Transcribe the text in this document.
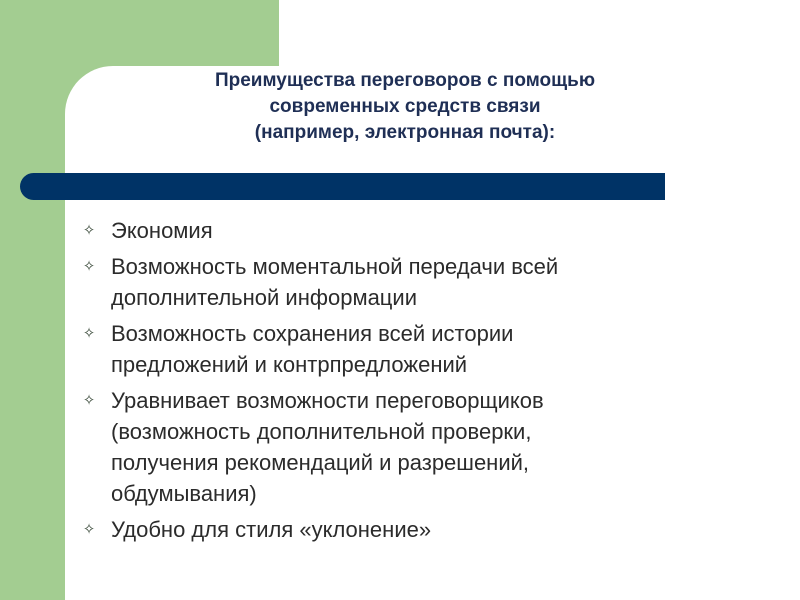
Преимущества переговоров с помощью
современных средств связи
(например, электронная почта):
✧ Экономия
✧ Возможность моментальной передачи всей
дополнительной информации
✧ Возможность сохранения всей истории
предложений и контрпредложений
✧ Уравнивает возможности переговорщиков
(возможность дополнительной проверки,
получения рекомендаций и разрешений,
обдумывания)
✧ Удобно для стиля «уклонение»
